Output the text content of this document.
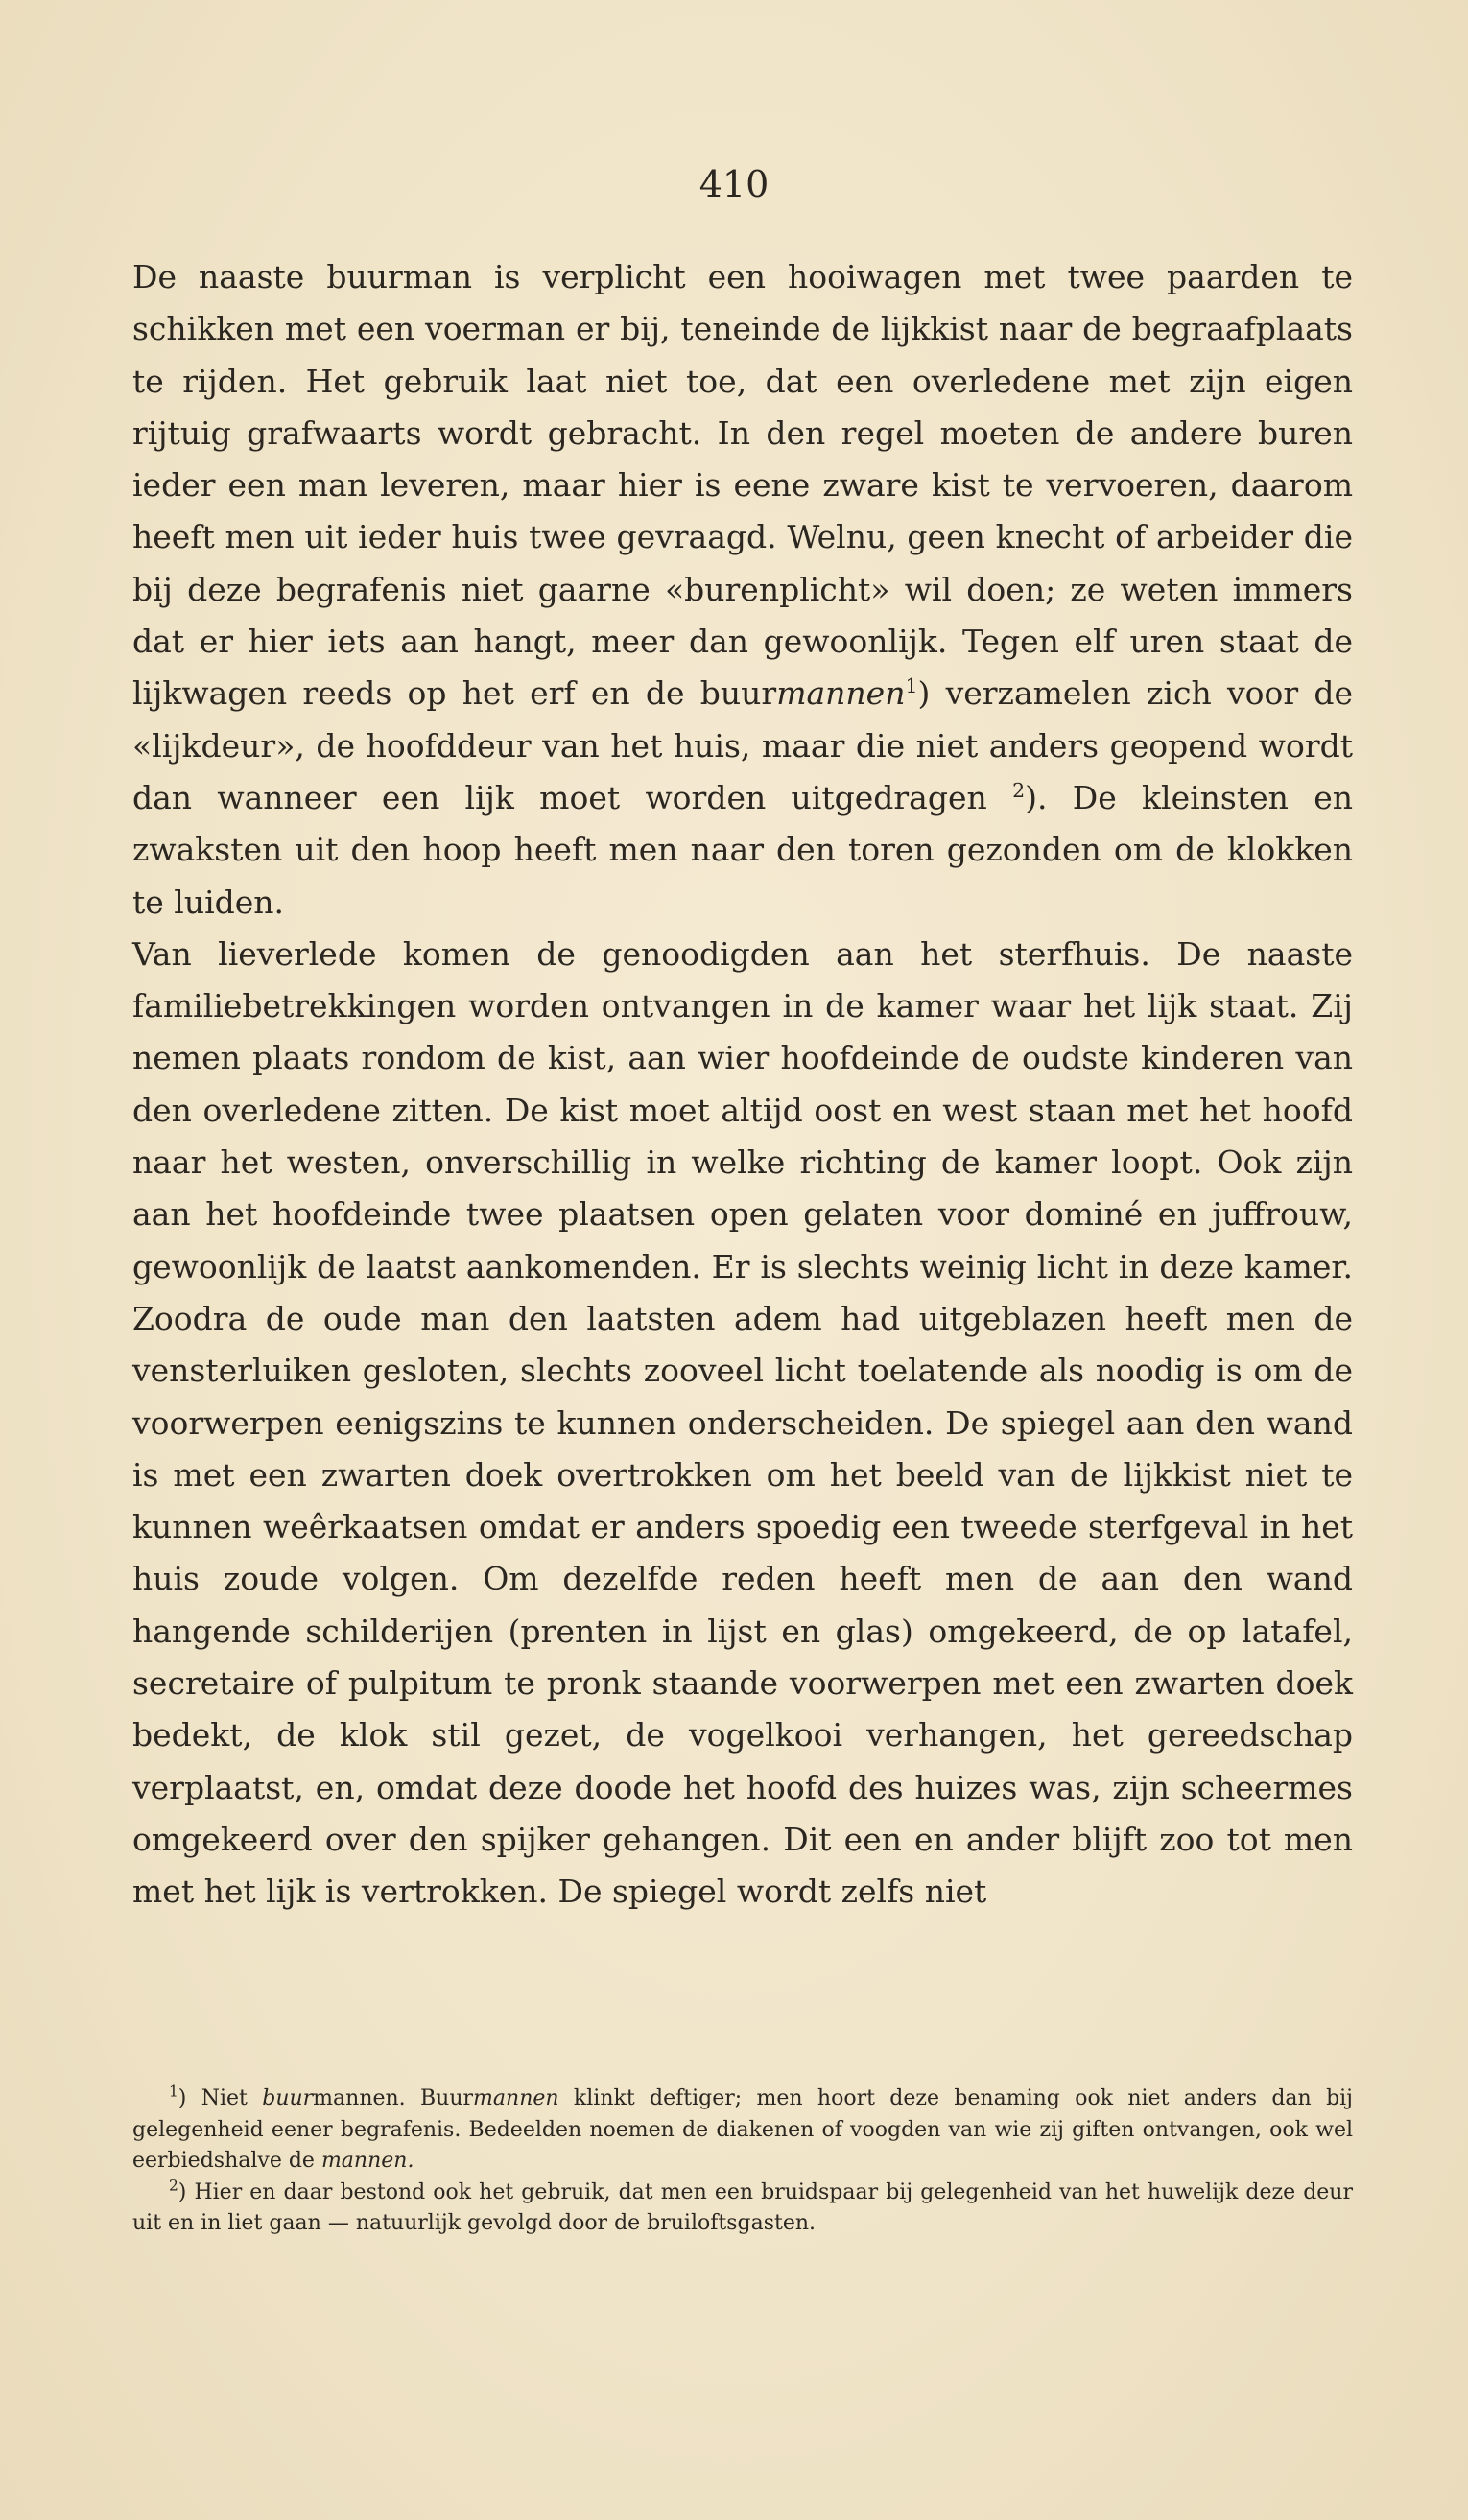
410

De naaste buurman is verplicht een hooiwagen met twee paarden te schikken met een voerman er bij, teneinde de lijkkist naar de begraafplaats te rijden. Het gebruik laat niet toe, dat een overledene met zijn eigen rijtuig grafwaarts wordt gebracht. In den regel moeten de andere buren ieder een man leveren, maar hier is eene zware kist te vervoeren, daarom heeft men uit ieder huis twee gevraagd. Welnu, geen knecht of arbeider die bij deze begrafenis niet gaarne «burenplicht» wil doen; ze weten immers dat er hier iets aan hangt, meer dan gewoonlijk. Tegen elf uren staat de lijkwagen reeds op het erf en de buurmannen$^1$) verzamelen zich voor de «lijkdeur», de hoofddeur van het huis, maar die niet anders geopend wordt dan wanneer een lijk moet worden uitgedragen $^2$). De kleinsten en zwaksten uit den hoop heeft men naar den toren gezonden om de klokken te luiden.

Van lieverlede komen de genoodigden aan het sterfhuis. De naaste familiebetrekkingen worden ontvangen in de kamer waar het lijk staat. Zij nemen plaats rondom de kist, aan wier hoofdeinde de oudste kinderen van den overledene zitten. De kist moet altijd oost en west staan met het hoofd naar het westen, onverschillig in welke richting de kamer loopt. Ook zijn aan het hoofdeinde twee plaatsen open gelaten voor dominé en juffrouw, gewoonlijk de laatst aankomenden. Er is slechts weinig licht in deze kamer. Zoodra de oude man den laatsten adem had uitgeblazen heeft men de vensterluiken gesloten, slechts zooveel licht toelatende als noodig is om de voorwerpen eenigszins te kunnen onderscheiden. De spiegel aan den wand is met een zwarten doek overtrokken om het beeld van de lijkkist niet te kunnen weêrkaatsen omdat er anders spoedig een tweede sterfgeval in het huis zoude volgen. Om dezelfde reden heeft men de aan den wand hangende schilderijen (prenten in lijst en glas) omgekeerd, de op latafel, secretaire of pulpitum te pronk staande voorwerpen met een zwarten doek bedekt, de klok stil gezet, de vogelkooi verhangen, het gereedschap verplaatst, en, omdat deze doode het hoofd des huizes was, zijn scheermes omgekeerd over den spijker gehangen. Dit een en ander blijft zoo tot men met het lijk is vertrokken. De spiegel wordt zelfs niet

$^1$) Niet buurmannen. Buurmannen klinkt deftiger; men hoort deze benaming ook niet anders dan bij gelegenheid eener begrafenis. Bedeelden noemen de diakenen of voogden van wie zij giften ontvangen, ook wel eerbiedshalve de mannen.

$^2$) Hier en daar bestond ook het gebruik, dat men een bruidspaar bij gelegenheid van het huwelijk deze deur uit en in liet gaan — natuurlijk gevolgd door de bruiloftsgasten.
